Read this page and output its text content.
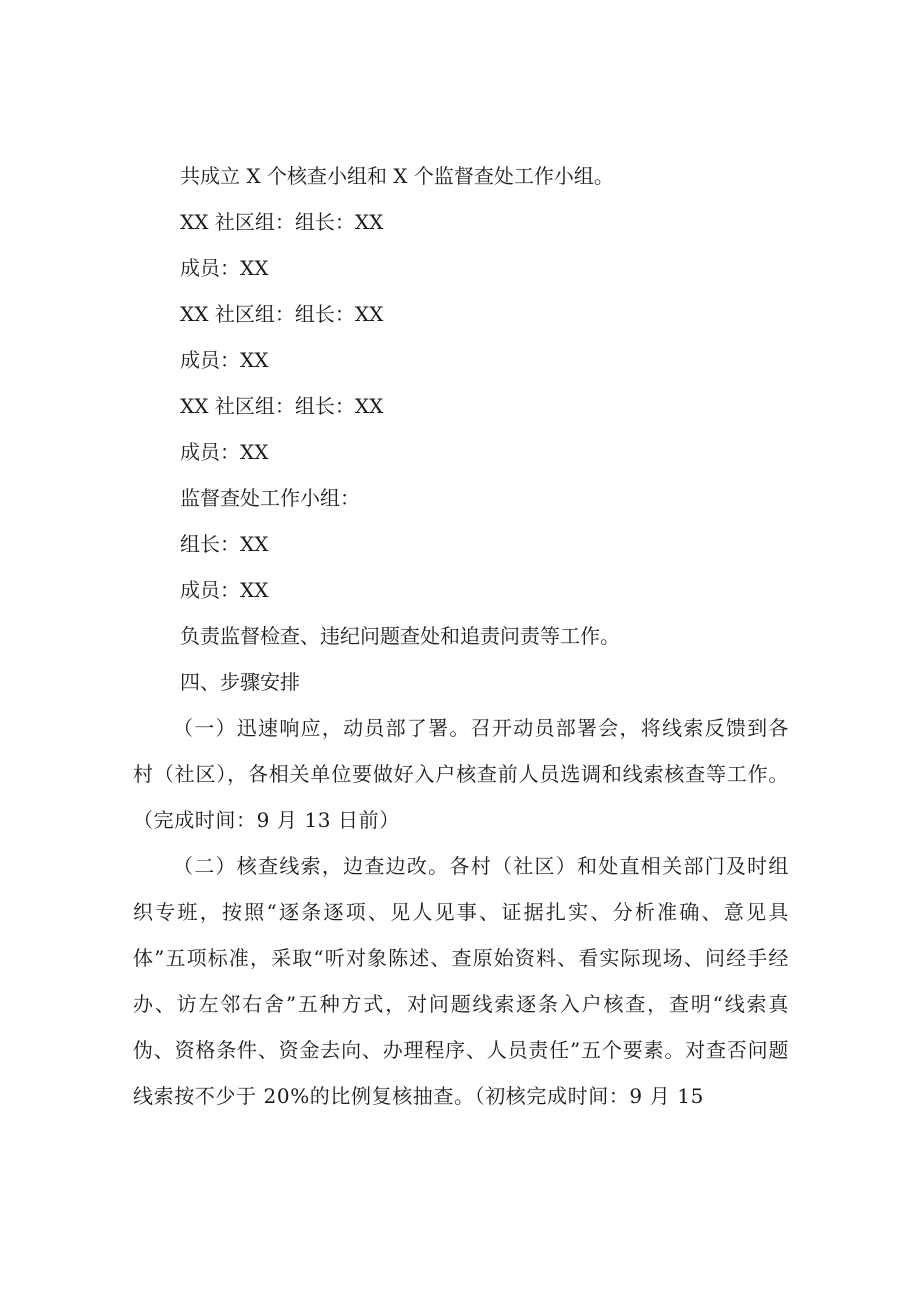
共成立 X 个核查小组和 X 个监督查处工作小组。
XX 社区组：组长：XX
成员：XX
XX 社区组：组长：XX
成员：XX
XX 社区组：组长：XX
成员：XX
监督查处工作小组：
组长：XX
成员：XX
负责监督检查、违纪问题查处和追责问责等工作。
四、步骤安排

（一）迅速响应，动员部了署。召开动员部署会，将线索反馈到各村（社区），各相关单位要做好入户核查前人员选调和线索核查等工作。（完成时间：9 月 13 日前）

（二）核查线索，边查边改。各村（社区）和处直相关部门及时组织专班，按照“逐条逐项、见人见事、证据扎实、分析准确、意见具体”五项标准，采取“听对象陈述、查原始资料、看实际现场、问经手经办、访左邻右舍”五种方式，对问题线索逐条入户核查，查明“线索真伪、资格条件、资金去向、办理程序、人员责任”五个要素。对查否问题线索按不少于 20%的比例复核抽查。（初核完成时间：9 月 15
